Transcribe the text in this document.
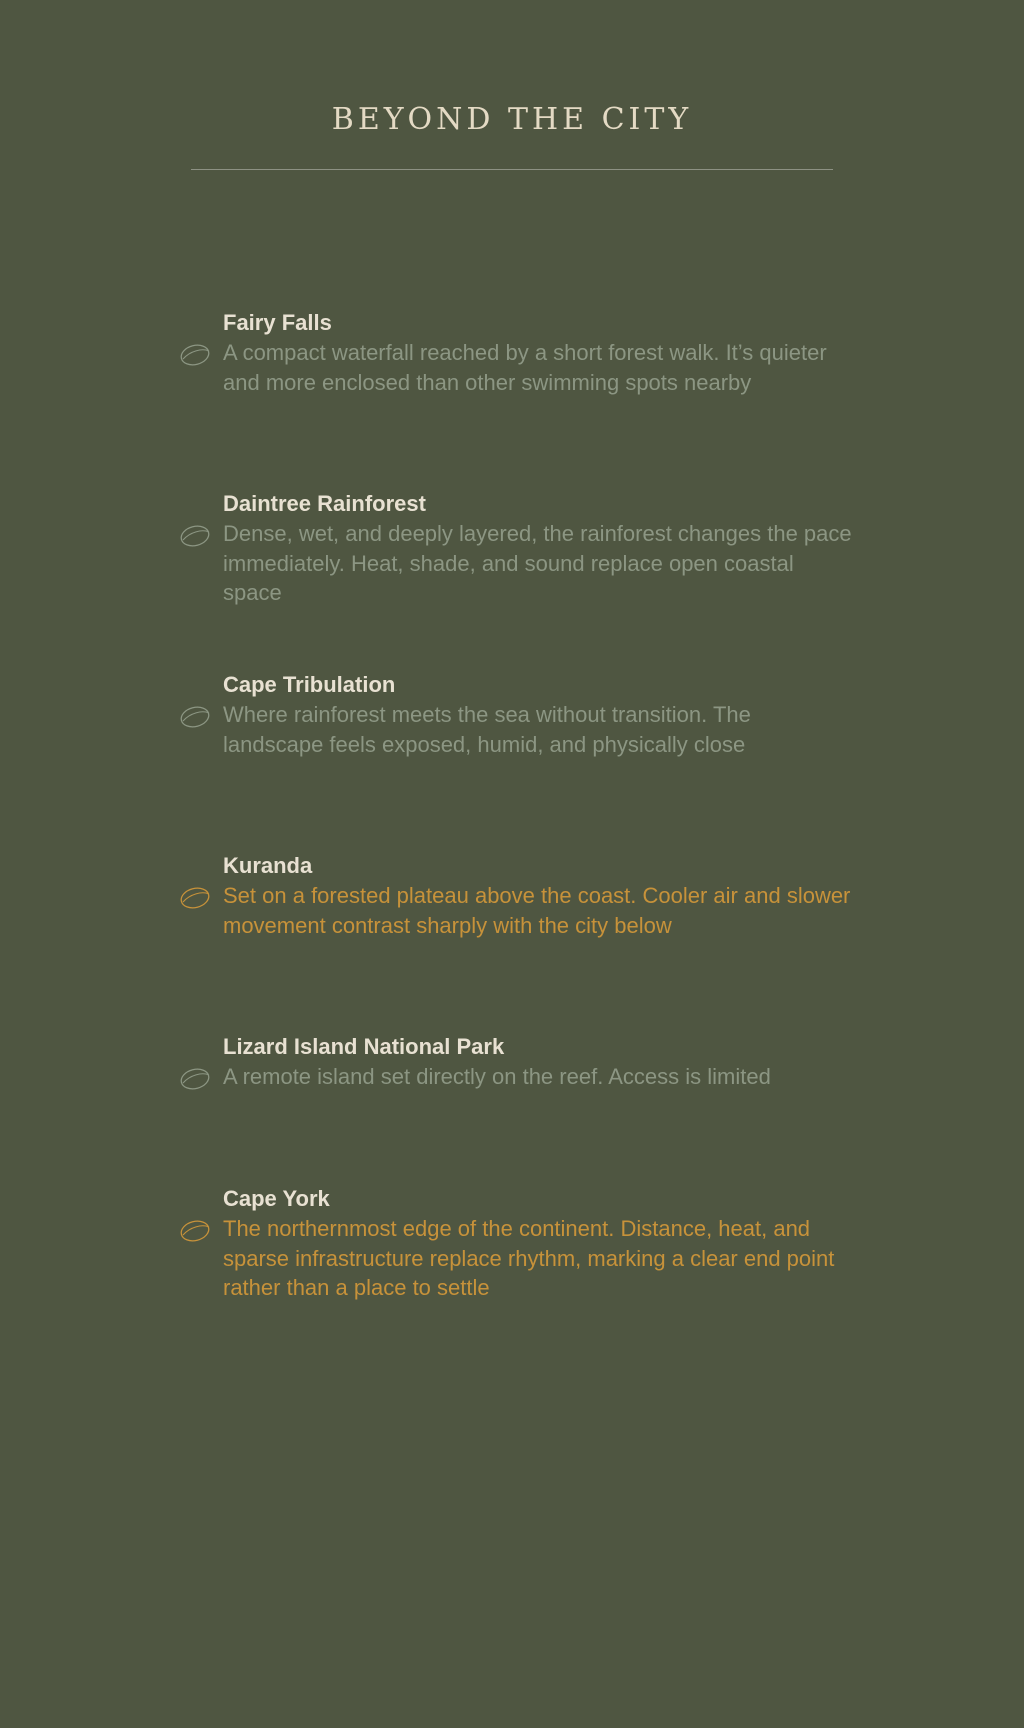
BEYOND THE CITY

Fairy Falls

A compact waterfall reached by a short forest walk. It’s quieter and more enclosed than other swimming spots nearby

Daintree Rainforest

Dense, wet, and deeply layered, the rainforest changes the pace immediately. Heat, shade, and sound replace open coastal space

Cape Tribulation

Where rainforest meets the sea without transition. The landscape feels exposed, humid, and physically close

Kuranda

Set on a forested plateau above the coast. Cooler air and slower movement contrast sharply with the city below

Lizard Island National Park

A remote island set directly on the reef. Access is limited

Cape York

The northernmost edge of the continent. Distance, heat, and sparse infrastructure replace rhythm, marking a clear end point rather than a place to settle
